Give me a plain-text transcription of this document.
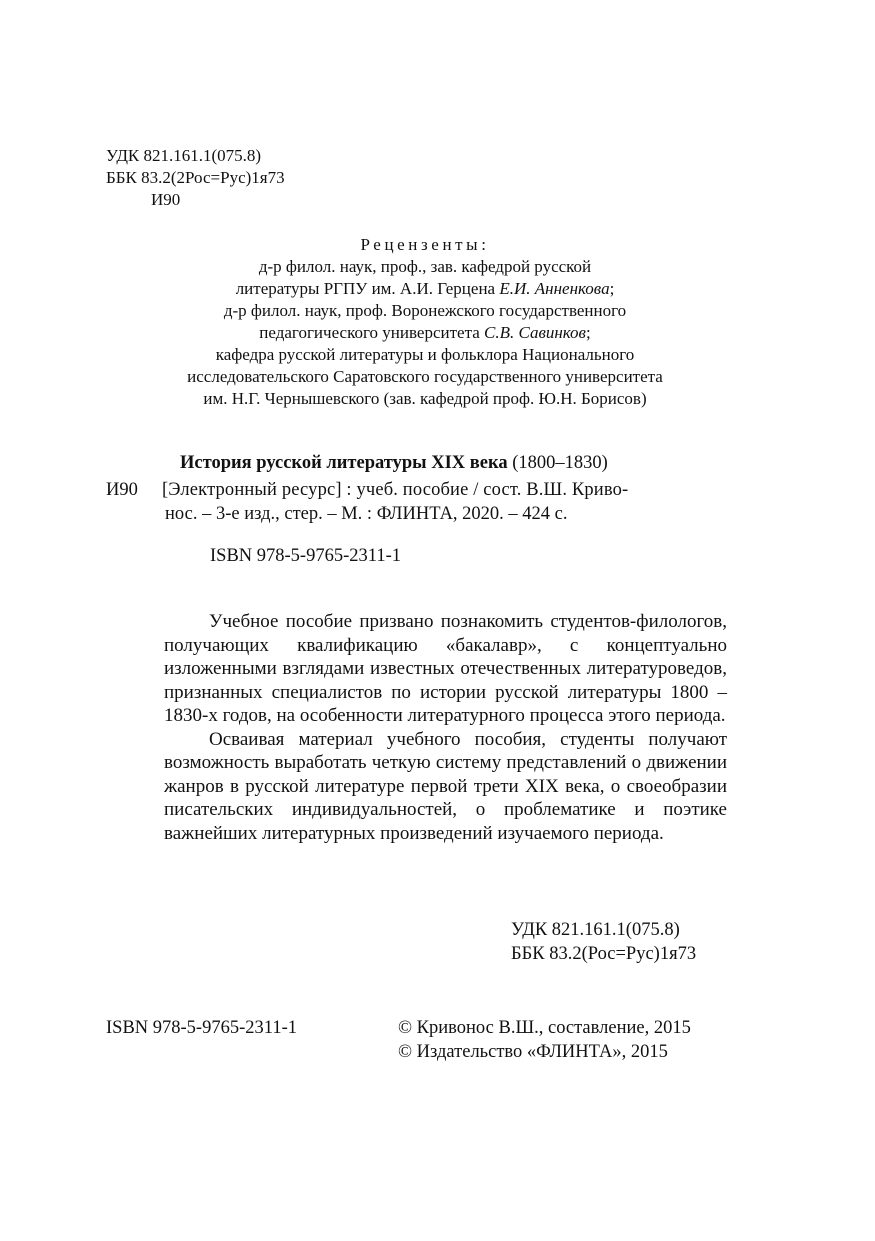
УДК 821.161.1(075.8)
ББК 83.2(2Рос=Рус)1я73
И90
Рецензенты:
д-р филол. наук, проф., зав. кафедрой русской
литературы РГПУ им. А.И. Герцена Е.И. Анненкова;
д-р филол. наук, проф. Воронежского государственного
педагогического университета С.В. Савинков;
кафедра русской литературы и фольклора Национального
исследовательского Саратовского государственного университета
им. Н.Г. Чернышевского (зав. кафедрой проф. Ю.Н. Борисов)
История русской литературы XIX века (1800–1830)
И90 [Электронный ресурс] : учеб. пособие / сост. В.Ш. Криво-
нос. – 3-е изд., стер. – М. : ФЛИНТА, 2020. – 424 с.
ISBN 978-5-9765-2311-1

Учебное пособие призвано познакомить студентов-филологов, получающих квалификацию «бакалавр», с концептуально изложенными взглядами известных отечественных литературоведов, признанных специалистов по истории русской литературы 1800 – 1830-х годов, на особенности литературного процесса этого периода.

Осваивая материал учебного пособия, студенты получают возможность выработать четкую систему представлений о движении жанров в русской литературе первой трети XIX века, о своеобразии писательских индивидуальностей, о проблематике и поэтике важнейших литературных произведений изучаемого периода.

УДК 821.161.1(075.8)
ББК 83.2(Рос=Рус)1я73
ISBN 978-5-9765-2311-1	© Кривонос В.Ш., составление, 2015
© Издательство «ФЛИНТА», 2015
